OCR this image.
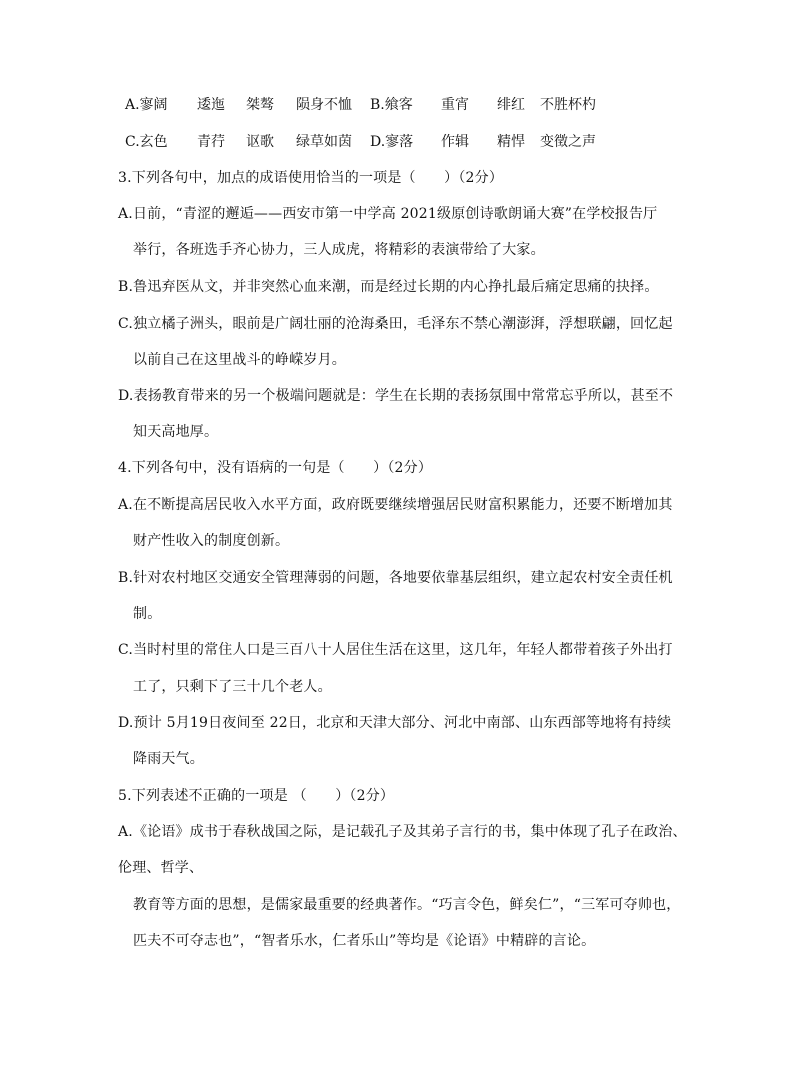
A.寥阔 逶迤 桀骜 陨身不恤 B.飨客 重宵 绯红 不胜杯杓
C.玄色 青荇 讴歌 绿草如茵 D.寥落 作辑 精悍 变徵之声
3.下列各句中，加点的成语使用恰当的一项是（　　）（2分）
A.日前，“青涩的邂逅——西安市第一中学高 2021级原创诗歌朗诵大赛”在学校报告厅
举行，各班选手齐心协力，三人成虎，将精彩的表演带给了大家。
B.鲁迅弃医从文，并非突然心血来潮，而是经过长期的内心挣扎最后痛定思痛的抉择。
C.独立橘子洲头，眼前是广阔壮丽的沧海桑田，毛泽东不禁心潮澎湃，浮想联翩，回忆起
以前自己在这里战斗的峥嵘岁月。
D.表扬教育带来的另一个极端问题就是：学生在长期的表扬氛围中常常忘乎所以，甚至不
知天高地厚。
4.下列各句中，没有语病的一句是（　　）（2分）
A.在不断提高居民收入水平方面，政府既要继续增强居民财富积累能力，还要不断增加其
财产性收入的制度创新。
B.针对农村地区交通安全管理薄弱的问题，各地要依靠基层组织，建立起农村安全责任机
制。
C.当时村里的常住人口是三百八十人居住生活在这里，这几年，年轻人都带着孩子外出打
工了，只剩下了三十几个老人。
D.预计 5月19日夜间至 22日，北京和天津大部分、河北中南部、山东西部等地将有持续
降雨天气。
5.下列表述不正确的一项是 （　　）（2分）
A.《论语》成书于春秋战国之际，是记载孔子及其弟子言行的书，集中体现了孔子在政治、
伦理、哲学、
教育等方面的思想，是儒家最重要的经典著作。“巧言令色，鲜矣仁”，“三军可夺帅也，
匹夫不可夺志也”，“智者乐水，仁者乐山”等均是《论语》中精辟的言论。
